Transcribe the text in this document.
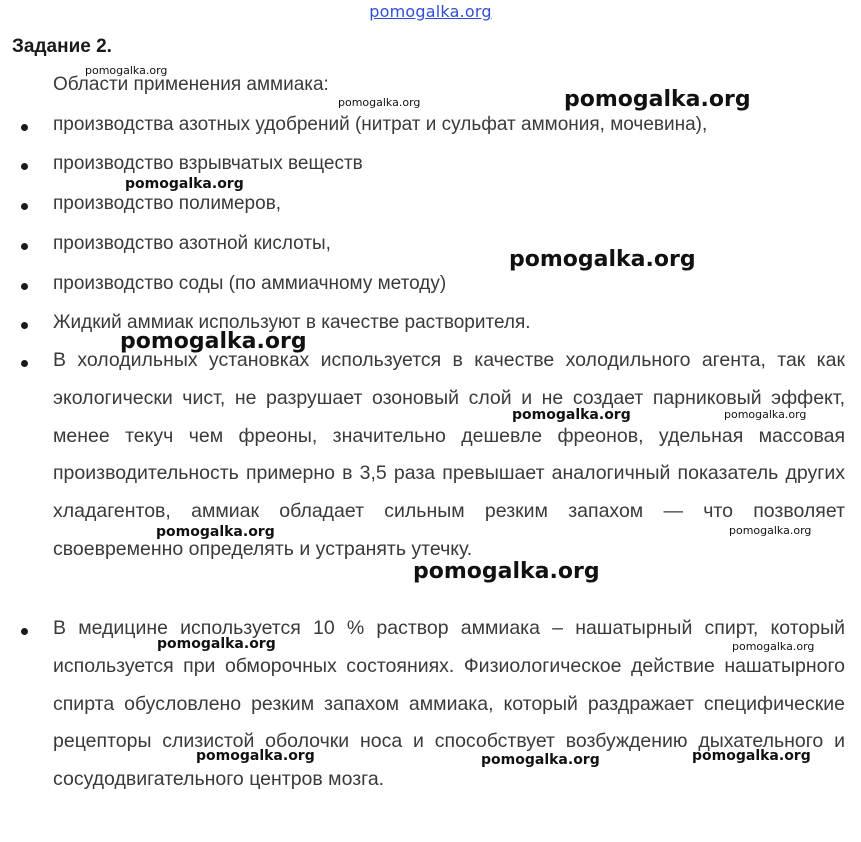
pomogalka.org
Задание 2.
Области применения аммиака:
производства азотных удобрений (нитрат и сульфат аммония, мочевина),
производство взрывчатых веществ
производство полимеров,
производство азотной кислоты,
производство соды (по аммиачному методу)
Жидкий аммиак используют в качестве растворителя.

В холодильных установках используется в качестве холодильного агента, так как экологически чист, не разрушает озоновый слой и не создает парниковый эффект, менее текуч чем фреоны, значительно дешевле фреонов, удельная массовая производительность примерно в 3,5 раза превышает аналогичный показатель других хладагентов, аммиак обладает сильным резким запахом — что позволяет своевременно определять и устранять утечку.

В медицине используется 10 % раствор аммиака – нашатырный спирт, который используется при обморочных состояниях. Физиологическое действие нашатырного спирта обусловлено резким запахом аммиака, который раздражает специфические рецепторы слизистой оболочки носа и способствует возбуждению дыхательного и сосудодвигательного центров мозга.

pomogalka.org
pomogalka.org	pomogalka.org
pomogalka.org
pomogalka.org
pomogalka.org
pomogalka.org	pomogalka.org
pomogalka.org	pomogalka.org
pomogalka.org
pomogalka.org	pomogalka.org
pomogalka.org	pomogalka.org	pomogalka.org
